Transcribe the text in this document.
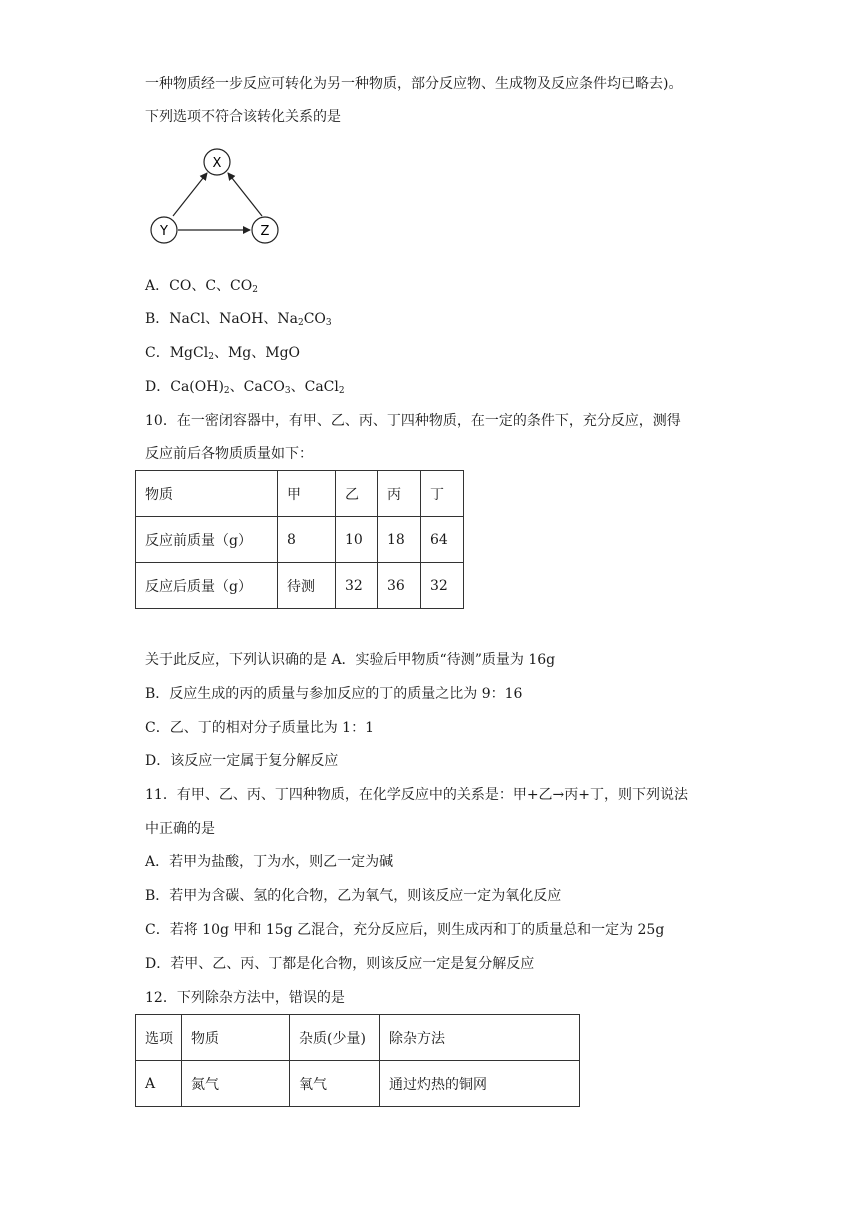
一种物质经一步反应可转化为另一种物质，部分反应物、生成物及反应条件均已略去)。
下列选项不符合该转化关系的是
X
Y	Z
A．CO、C、$CO_2$
B．NaCl、NaOH、$Na_2CO_3$
C．MgCl$_2$、Mg、MgO
D．$Ca(OH)_2$、CaCO$_3$、CaCl$_2$
10．在一密闭容器中，有甲、乙、丙、丁四种物质，在一定的条件下，充分反应，测得
反应前后各物质质量如下：
物质	甲	乙	丙	丁
反应前质量（g）	8	10	18	64
反应后质量（g）	待测	32	36	32
关于此反应，下列认识确的是 A．实验后甲物质“待测”质量为 16g
B．反应生成的丙的质量与参加反应的丁的质量之比为 9：16
C．乙、丁的相对分子质量比为 1：1
D．该反应一定属于复分解反应
11．有甲、乙、丙、丁四种物质，在化学反应中的关系是：甲+乙→丙+丁，则下列说法
中正确的是
A．若甲为盐酸，丁为水，则乙一定为碱
B．若甲为含碳、氢的化合物，乙为氧气，则该反应一定为氧化反应
C．若将 10g 甲和 15g 乙混合，充分反应后，则生成丙和丁的质量总和一定为 25g
D．若甲、乙、丙、丁都是化合物，则该反应一定是复分解反应
12．下列除杂方法中，错误的是
选项	物质	杂质(少量)	除杂方法
A	氮气	氧气	通过灼热的铜网
